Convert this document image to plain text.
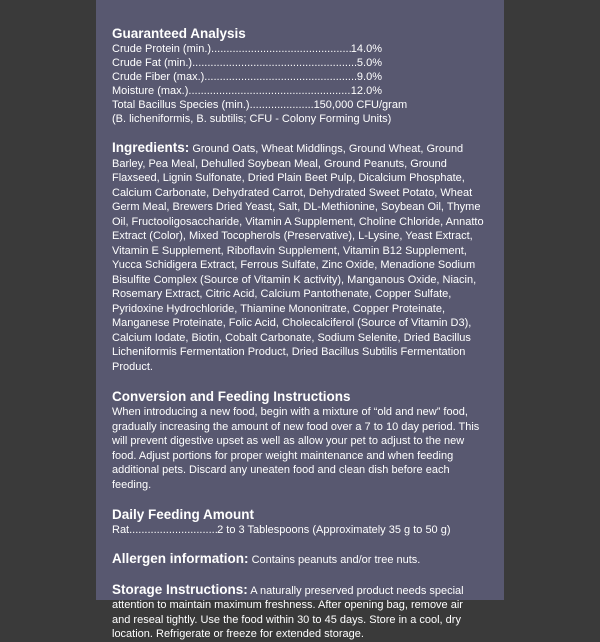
Guaranteed Analysis
Crude Protein (min.) .....	14.0%
Crude Fat (min.) .....	5.0%
Crude Fiber (max.) .....	9.0%
Moisture (max.) .....	12.0%
Total Bacillus Species (min.) .....	150,000 CFU/gram
(B. licheniformis, B. subtilis; CFU - Colony Forming Units)
Ingredients: Ground Oats, Wheat Middlings, Ground Wheat, Ground Barley, Pea Meal, Dehulled Soybean Meal, Ground Peanuts, Ground Flaxseed, Lignin Sulfonate, Dried Plain Beet Pulp, Dicalcium Phosphate, Calcium Carbonate, Dehydrated Carrot, Dehydrated Sweet Potato, Wheat Germ Meal, Brewers Dried Yeast, Salt, DL-Methionine, Soybean Oil, Thyme Oil, Fructooligosaccharide, Vitamin A Supplement, Choline Chloride, Annatto Extract (Color), Mixed Tocopherols (Preservative), L-Lysine, Yeast Extract, Vitamin E Supplement, Riboflavin Supplement, Vitamin B12 Supplement, Yucca Schidigera Extract, Ferrous Sulfate, Zinc Oxide, Menadione Sodium Bisulfite Complex (Source of Vitamin K activity), Manganous Oxide, Niacin, Rosemary Extract, Citric Acid, Calcium Pantothenate, Copper Sulfate, Pyridoxine Hydrochloride, Thiamine Mononitrate, Copper Proteinate, Manganese Proteinate, Folic Acid, Cholecalciferol (Source of Vitamin D3), Calcium Iodate, Biotin, Cobalt Carbonate, Sodium Selenite, Dried Bacillus Licheniformis Fermentation Product, Dried Bacillus Subtilis Fermentation Product.
Conversion and Feeding Instructions
When introducing a new food, begin with a mixture of “old and new” food, gradually increasing the amount of new food over a 7 to 10 day period. This will prevent digestive upset as well as allow your pet to adjust to the new food. Adjust portions for proper weight maintenance and when feeding additional pets. Discard any uneaten food and clean dish before each feeding.
Daily Feeding Amount
Rat .....	2 to 3 Tablespoons (Approximately 35 g to 50 g)
Allergen information: Contains peanuts and/or tree nuts.
Storage Instructions: A naturally preserved product needs special attention to maintain maximum freshness. After opening bag, remove air and reseal tightly. Use the food within 30 to 45 days. Store in a cool, dry location. Refrigerate or freeze for extended storage.
